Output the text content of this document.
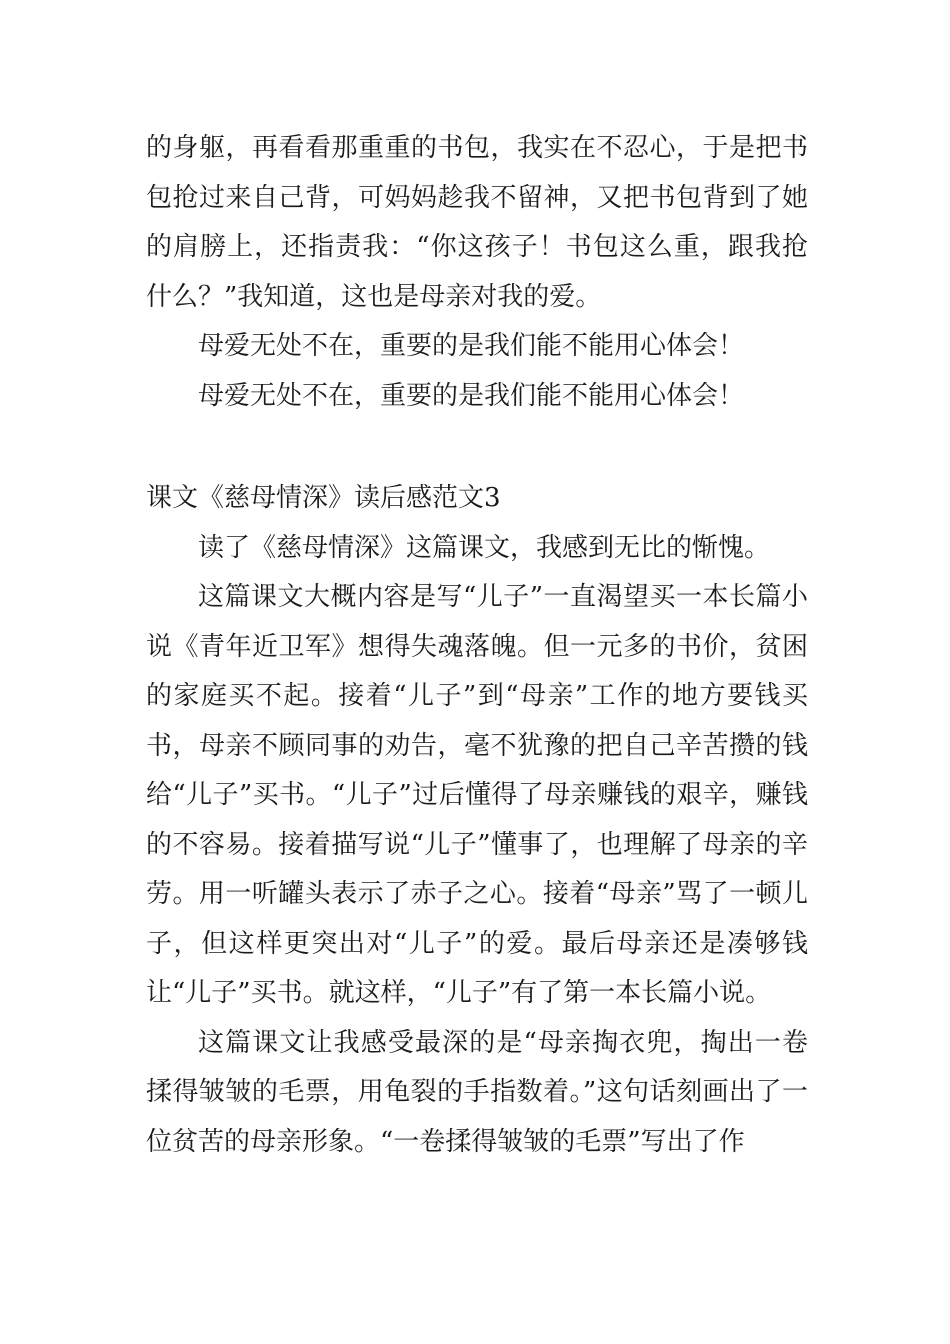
的身躯，再看看那重重的书包，我实在不忍心，于是把书包抢过来自己背，可妈妈趁我不留神，又把书包背到了她的肩膀上，还指责我：“你这孩子！书包这么重，跟我抢什么？”我知道，这也是母亲对我的爱。

母爱无处不在，重要的是我们能不能用心体会！

母爱无处不在，重要的是我们能不能用心体会！

课文《慈母情深》读后感范文3

读了《慈母情深》这篇课文，我感到无比的惭愧。

这篇课文大概内容是写“儿子”一直渴望买一本长篇小说《青年近卫军》想得失魂落魄。但一元多的书价，贫困的家庭买不起。接着“儿子”到“母亲”工作的地方要钱买书，母亲不顾同事的劝告，毫不犹豫的把自己辛苦攒的钱给“儿子”买书。“儿子”过后懂得了母亲赚钱的艰辛，赚钱的不容易。接着描写说“儿子”懂事了，也理解了母亲的辛劳。用一听罐头表示了赤子之心。接着“母亲”骂了一顿儿子，但这样更突出对“儿子”的爱。最后母亲还是凑够钱让“儿子”买书。就这样，“儿子”有了第一本长篇小说。

这篇课文让我感受最深的是“母亲掏衣兜，掏出一卷揉得皱皱的毛票，用龟裂的手指数着。”这句话刻画出了一位贫苦的母亲形象。“一卷揉得皱皱的毛票”写出了作
